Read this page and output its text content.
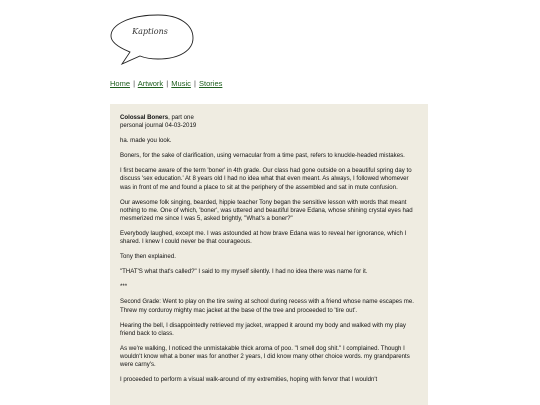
Kaptions
Home | Artwork | Music | Stories

Colossal Boners, part one
personal journal 04-03-2019

ha. made you look.

Boners, for the sake of clarification, using vernacular from a time past, refers to knuckle-headed mistakes.

I first became aware of the term 'boner' in 4th grade. Our class had gone outside on a beautiful spring day to discuss 'sex education.' At 8 years old I had no idea what that even meant. As always, I followed whomever was in front of me and found a place to sit at the periphery of the assembled and sat in mute confusion.

Our awesome folk singing, bearded, hippie teacher Tony began the sensitive lesson with words that meant nothing to me. One of which, 'boner', was uttered and beautiful brave Edana, whose shining crystal eyes had mesmerized me since I was 5, asked brightly, "What's a boner?"

Everybody laughed, except me. I was astounded at how brave Edana was to reveal her ignorance, which I shared. I knew I could never be that courageous.

Tony then explained.

"THAT'S what that's called?" I said to my myself silently. I had no idea there was name for it.

***

Second Grade: Went to play on the tire swing at school during recess with a friend whose name escapes me. Threw my corduroy mighty mac jacket at the base of the tree and proceeded to 'tire out'.

Hearing the bell, I disappointedly retrieved my jacket, wrapped it around my body and walked with my play friend back to class.

As we're walking, I noticed the unmistakable thick aroma of poo. "I smell dog shit." I complained. Though I wouldn't know what a boner was for another 2 years, I did know many other choice words. my grandparents were carny's.

I proceeded to perform a visual walk-around of my extremities, hoping with fervor that I wouldn't
